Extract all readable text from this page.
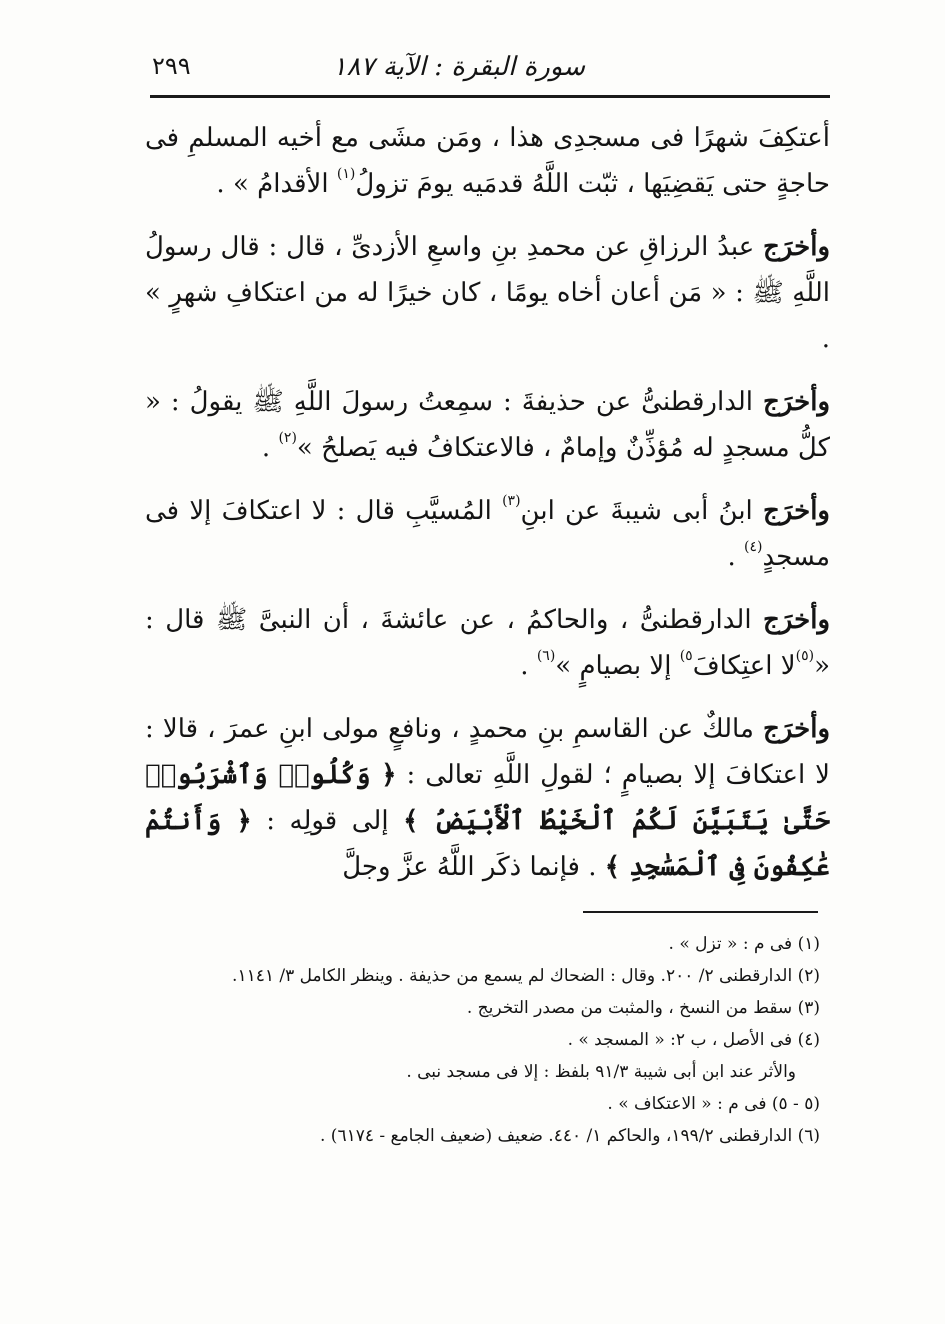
٢٩٩	سورة البقرة : الآية ١٨٧

أعتكِفَ شهرًا فى مسجدِى هذا ، ومَن مشَى مع أخيه المسلمِ فى حاجةٍ حتى يَقضِيَها ، ثبّت اللَّهُ قدمَيه يومَ تزولُ$^{(١)}$ الأقدامُ » .

وأخرَج عبدُ الرزاقِ عن محمدِ بنِ واسعِ الأزدىِّ ، قال : قال رسولُ اللَّهِ ﷺ : « مَن أعان أخاه يومًا ، كان خيرًا له من اعتكافِ شهرٍ » .

وأخرَج الدارقطنىُّ عن حذيفةَ : سمِعتُ رسولَ اللَّهِ ﷺ يقولُ : « كلُّ مسجدٍ له مُؤذِّنٌ وإمامٌ ، فالاعتكافُ فيه يَصلحُ »$^{(٢)}$ .

وأخرَج ابنُ أبى شيبةَ عن ابنِ$^{(٣)}$ المُسيَّبِ قال : لا اعتكافَ إلا فى مسجدٍ$^{(٤)}$ .

وأخرَج الدارقطنىُّ ، والحاكمُ ، عن عائشةَ ، أن النبىَّ ﷺ قال : «$^{(٥)}$لا اعتِكافَ$^{٥)}$ إلا بصيامٍ »$^{(٦)}$ .

وأخرَج مالكٌ عن القاسمِ بنِ محمدٍ ، ونافعٍ مولى ابنِ عمرَ ، قالا : لا اعتكافَ إلا بصيامٍ ؛ لقولِ اللَّهِ تعالى : ﴿ وَكُلُوا۟ وَٱشْرَبُوا۟ حَتَّىٰ يَتَبَيَّنَ لَكُمُ ٱلْخَيْطُ ٱلْأَبْيَضُ ﴾ إلى قولِه : ﴿ وَأَنتُمْ عَٰكِفُونَ فِى ٱلْمَسَٰجِدِ ﴾ . فإنما ذكَر اللَّهُ عزَّ وجلَّ

(١) فى م : « تزل » .
(٢) الدارقطنى ٢/ ٢٠٠. وقال : الضحاك لم يسمع من حذيفة . وينظر الكامل ٣/ ١١٤١.
(٣) سقط من النسخ ، والمثبت من مصدر التخريج .
(٤) فى الأصل ، ب ٢: « المسجد » .
والأثر عند ابن أبى شيبة ٩١/٣ بلفظ : إلا فى مسجد نبى .
(٥ - ٥) فى م : « الاعتكاف » .
(٦) الدارقطنى ١٩٩/٢، والحاكم ١/ ٤٤٠. ضعيف (ضعيف الجامع - ٦١٧٤) .
